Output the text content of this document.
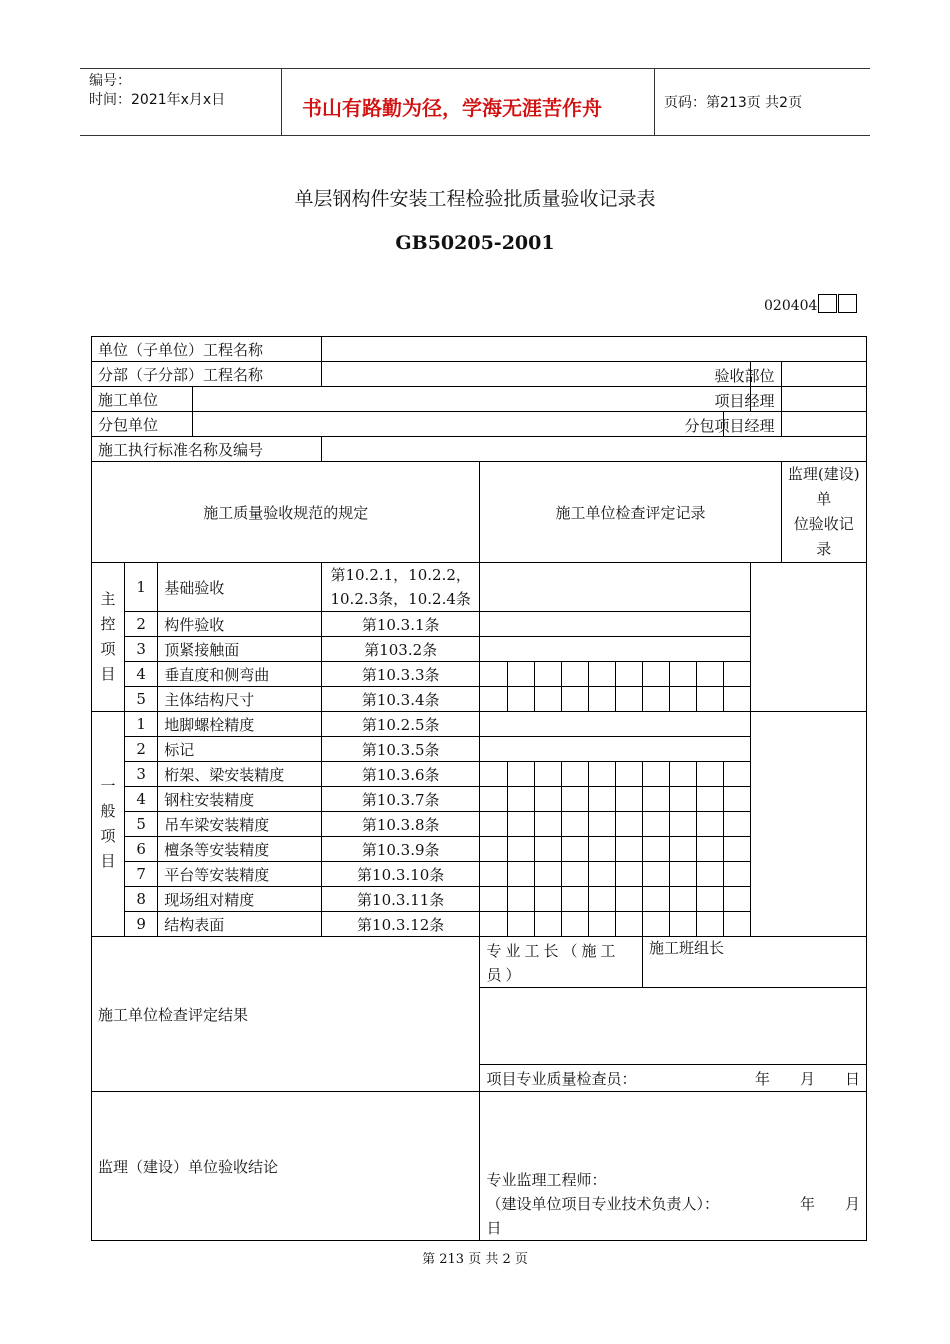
编号：
时间：2021年x月x日	书山有路勤为径，学海无涯苦作舟	页码：第213页 共2页
单层钢构件安装工程检验批质量验收记录表
GB50205-2001
020404
单位（子单位）工程名称																
分部（子分部）工程名称															验收部位	

施工单位															项目经理	

分包单位														分包项目经理		

施工执行标准名称及编号																
施工质量验收规范的规定					施工单位检查评定记录											监理(建设)单
位验收记录
主
控
项
目	1	基础验收		第10.2.1，10.2.2，10.2.3条，10.2.4条												
	2	构件验收		第10.3.1条												
	3	顶紧接触面		第103.2条												
	4	垂直度和侧弯曲		第10.3.3条												
	5	主体结构尺寸		第10.3.4条												
一
般
项
目	1	地脚螺栓精度		第10.2.5条												
	2	标记		第10.3.5条												
	3	桁架、梁安装精度		第10.3.6条												
	4	钢柱安装精度		第10.3.7条												
	5	吊车梁安装精度		第10.3.8条												
	6	檀条等安装精度		第10.3.9条												
	7	平台等安装精度		第10.3.10条												
	8	现场组对精度		第10.3.11条												
	9	结构表面		第10.3.12条												
施工单位检查评定结果					专业工长（施工员）						施工班组长					

					项目专业质量检查员： 年　　月　　日											

监理（建设）单位验收结论					专业监理工程师：
（建设单位项目专业技术负责人）： 年　　月
日											
第 213 页 共 2 页
